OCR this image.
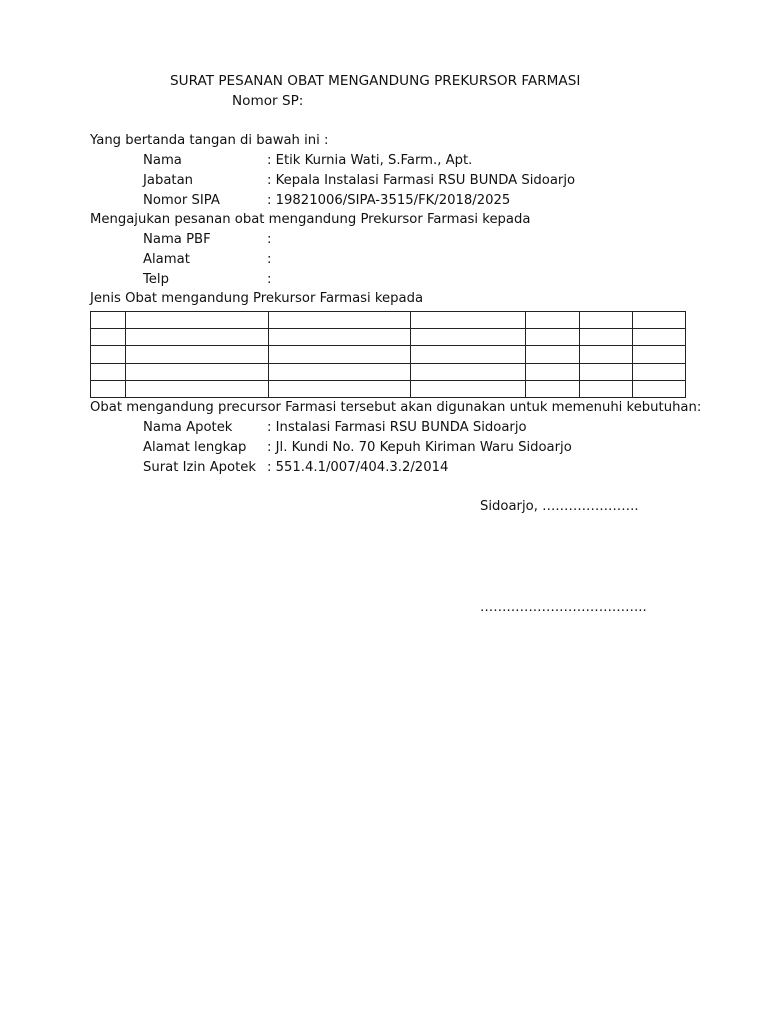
SURAT PESANAN OBAT MENGANDUNG PREKURSOR FARMASI
Nomor SP:
Yang bertanda tangan di bawah ini :
Nama	: Etik Kurnia Wati, S.Farm., Apt.
Jabatan	: Kepala Instalasi Farmasi RSU BUNDA Sidoarjo
Nomor SIPA	: 19821006/SIPA-3515/FK/2018/2025
Mengajukan pesanan obat mengandung Prekursor Farmasi kepada
Nama PBF	:
Alamat	:
Telp	:
Jenis Obat mengandung Prekursor Farmasi kepada

Obat mengandung precursor Farmasi tersebut akan digunakan untuk memenuhi kebutuhan:
Nama Apotek	: Instalasi Farmasi RSU BUNDA Sidoarjo
Alamat lengkap : Jl. Kundi No. 70 Kepuh Kiriman Waru Sidoarjo
Surat Izin Apotek : 551.4.1/007/404.3.2/2014
Sidoarjo, ………………….
………………………………..
